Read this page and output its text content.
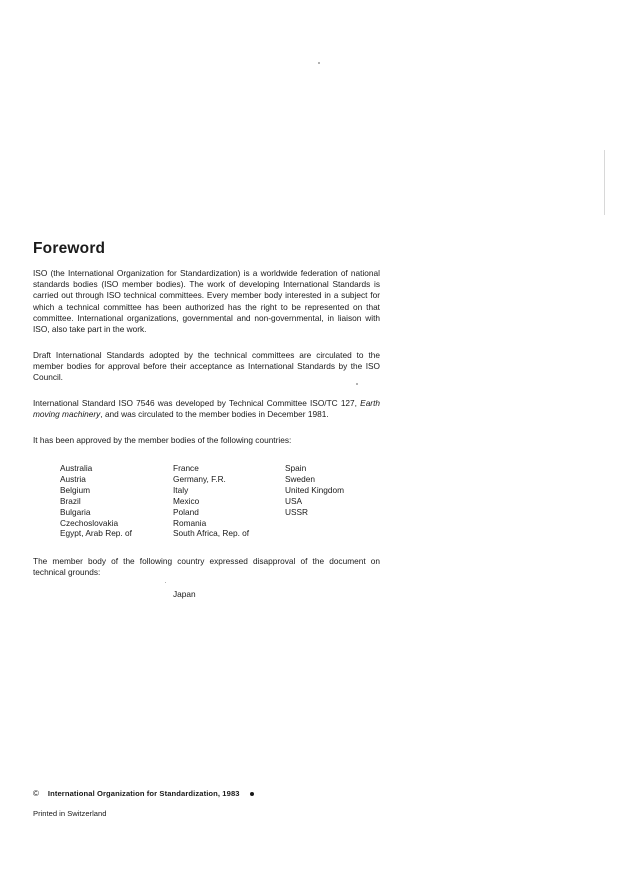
Foreword

ISO (the International Organization for Standardization) is a worldwide federation of national standards bodies (ISO member bodies). The work of developing International Standards is carried out through ISO technical committees. Every member body interested in a subject for which a technical committee has been authorized has the right to be represented on that committee. International organizations, governmental and non-governmental, in liaison with ISO, also take part in the work.

Draft International Standards adopted by the technical committees are circulated to the member bodies for approval before their acceptance as International Standards by the ISO Council.

International Standard ISO 7546 was developed by Technical Committee ISO/TC 127, Earth moving machinery, and was circulated to the member bodies in December 1981.

It has been approved by the member bodies of the following countries:

Australia
Austria
Belgium
Brazil
Bulgaria
Czechoslovakia
Egypt, Arab Rep. of
France
Germany, F.R.
Italy
Mexico
Poland
Romania
South Africa, Rep. of
Spain
Sweden
United Kingdom
USA
USSR

The member body of the following country expressed disapproval of the document on technical grounds:

Japan
© International Organization for Standardization, 1983
Printed in Switzerland
